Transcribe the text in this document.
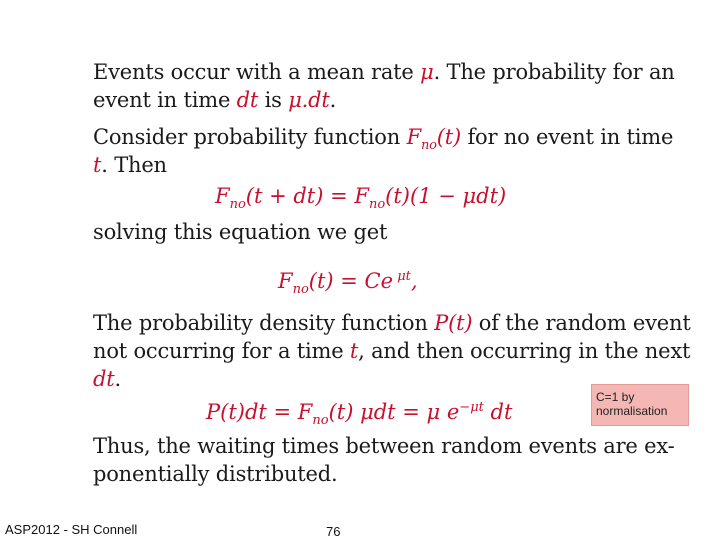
Events occur with a mean rate μ. The probability for an
event in time dt is μ.dt.
Consider probability function $F_{no}(t)$ for no event in time
t. Then
$F_{no}(t + dt) = F_{no}(t)(1 - \mu dt)$
solving this equation we get
$F_{no}(t) = Ce$ $^{\mu t}$,
The probability density function P(t) of the random event
not occurring for a time t, and then occurring in the next
dt.
$P(t)dt = F_{no}(t) \mu dt = \mu$ $e^{-\mu t}$ dt
Thus, the waiting times between random events are ex-
ponentially distributed.
C=1 by
normalisation
ASP2012 - SH Connell	76
